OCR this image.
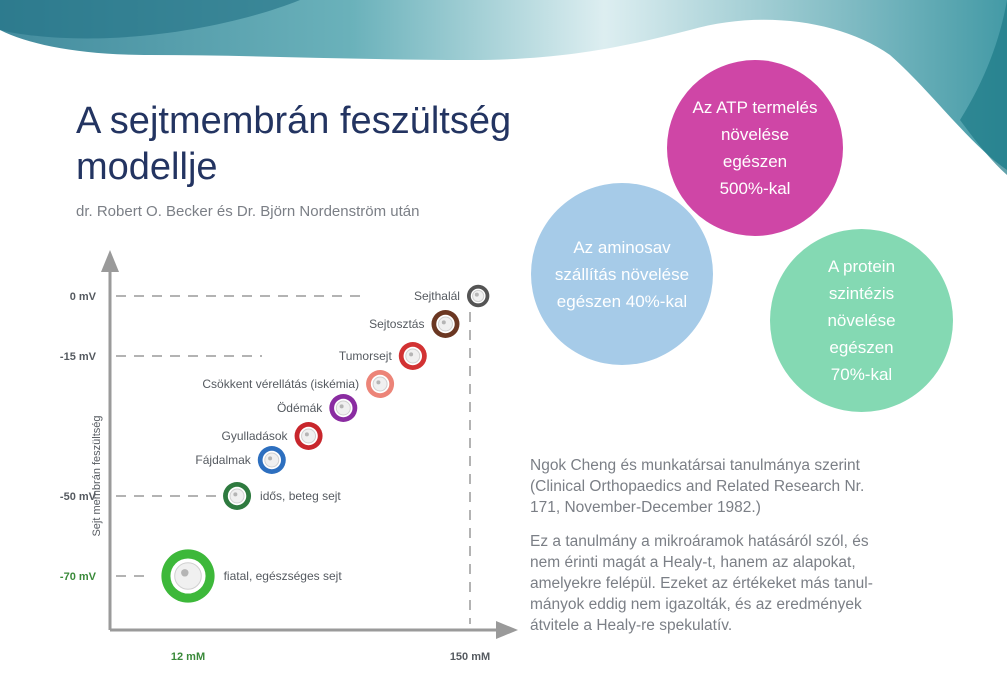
A sejtmembrán feszültség modellje
dr. Robert O. Becker és Dr. Björn Nordenström után
Az aminosav
szállítás növelése
egészen 40%-kal
Az ATP termelés
növelése
egészen
500%-kal
A protein
szintézis
növelése
egészen
70%-kal

Ngok Cheng és munkatársai tanulmánya szerint
(Clinical Orthopaedics and Related Research Nr.
171, November-December 1982.)

Ez a tanulmány a mikroáramok hatásáról szól, és
nem érinti magát a Healy-t, hanem az alapokat,
amelyekre felépül. Ezeket az értékeket más tanul-
mányok eddig nem igazolták, és az eredmények
átvitele a Healy-re spekulatív.

Sejt membrán feszültség
0 mV
-15 mV
-50 mV
-70 mV
12 mM	150 mM
fiatal, egészséges sejt
idős, beteg sejt
Fájdalmak
Gyulladások
Ödémák
Csökkent vérellátás (iskémia)
Tumorsejt
Sejtosztás
Sejthalál
